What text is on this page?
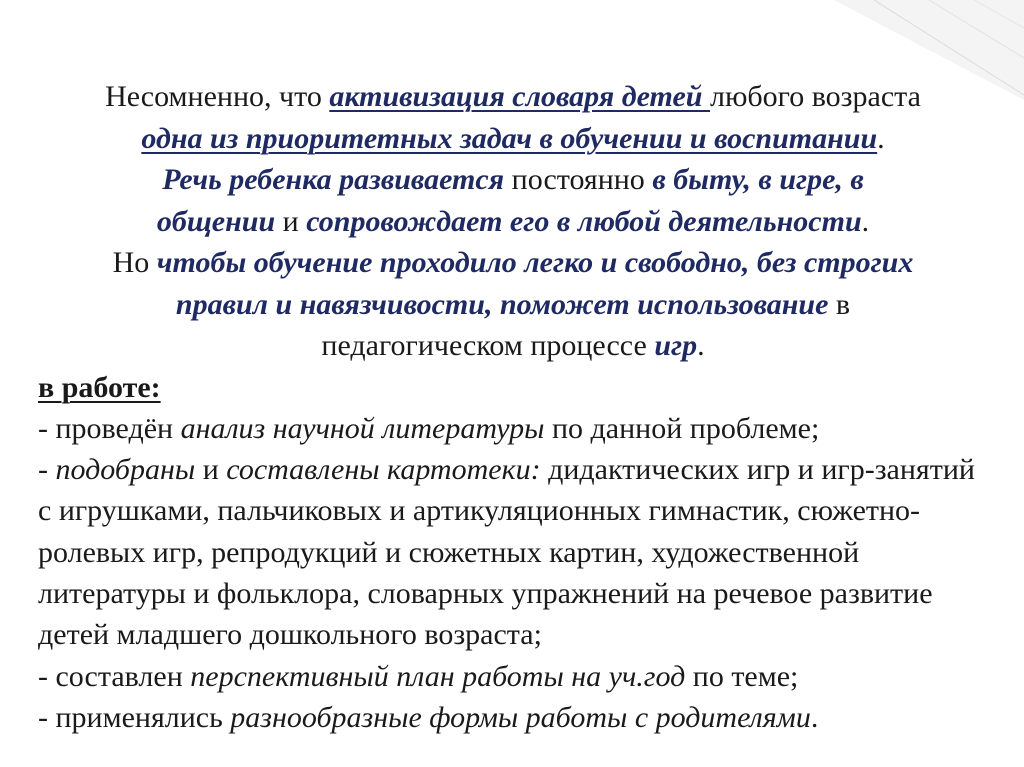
Несомненно, что активизация словаря детей любого возраста
одна из приоритетных задач в обучении и воспитании.
Речь ребенка развивается постоянно в быту, в игре, в
общении и сопровождает его в любой деятельности.
Но чтобы обучение проходило легко и свободно, без строгих
правил и навязчивости, поможет использование в
педагогическом процессе игр.
в работе:
- проведён анализ научной литературы по данной проблеме;
- подобраны и составлены картотеки: дидактических игр и игр-занятий с игрушками, пальчиковых и артикуляционных гимнастик, сюжетно-ролевых игр, репродукций и сюжетных картин, художественной литературы и фольклора, словарных упражнений на речевое развитие детей младшего дошкольного возраста;
- составлен перспективный план работы на уч.год по теме;
- применялись разнообразные формы работы с родителями.
